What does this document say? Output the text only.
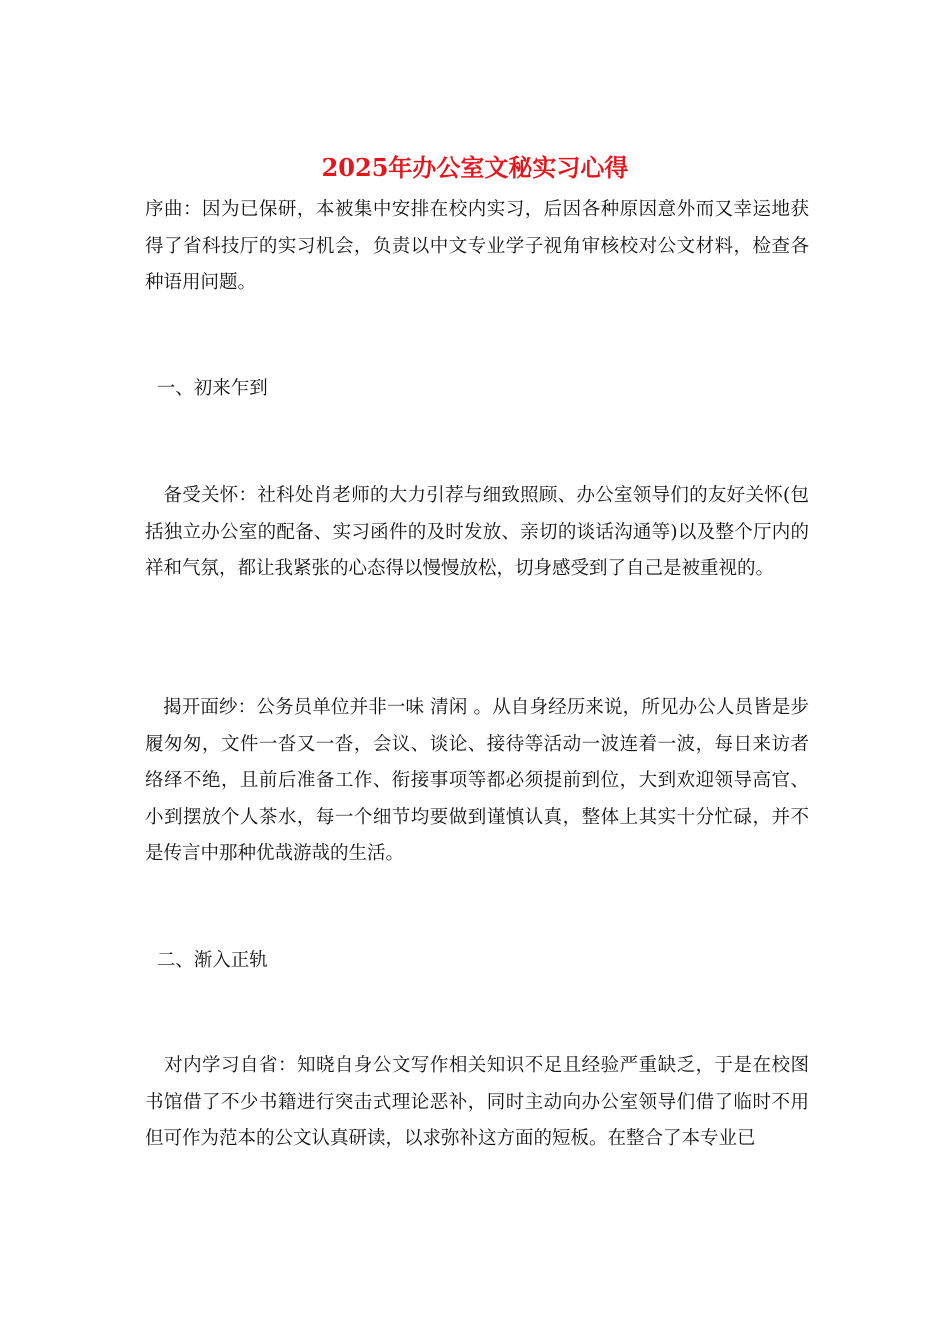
2025年办公室文秘实习心得

序曲：因为已保研，本被集中安排在校内实习，后因各种原因意外而又幸运地获得了省科技厅的实习机会，负责以中文专业学子视角审核校对公文材料，检查各种语用问题。

一、初来乍到

备受关怀：社科处肖老师的大力引荐与细致照顾、办公室领导们的友好关怀(包括独立办公室的配备、实习函件的及时发放、亲切的谈话沟通等)以及整个厅内的祥和气氛，都让我紧张的心态得以慢慢放松，切身感受到了自己是被重视的。

揭开面纱：公务员单位并非一味 清闲 。从自身经历来说，所见办公人员皆是步履匆匆，文件一沓又一沓，会议、谈论、接待等活动一波连着一波，每日来访者络绎不绝，且前后准备工作、衔接事项等都必须提前到位，大到欢迎领导高官、小到摆放个人茶水，每一个细节均要做到谨慎认真，整体上其实十分忙碌，并不是传言中那种优哉游哉的生活。

二、渐入正轨

对内学习自省：知晓自身公文写作相关知识不足且经验严重缺乏，于是在校图书馆借了不少书籍进行突击式理论恶补，同时主动向办公室领导们借了临时不用但可作为范本的公文认真研读，以求弥补这方面的短板。在整合了本专业已
